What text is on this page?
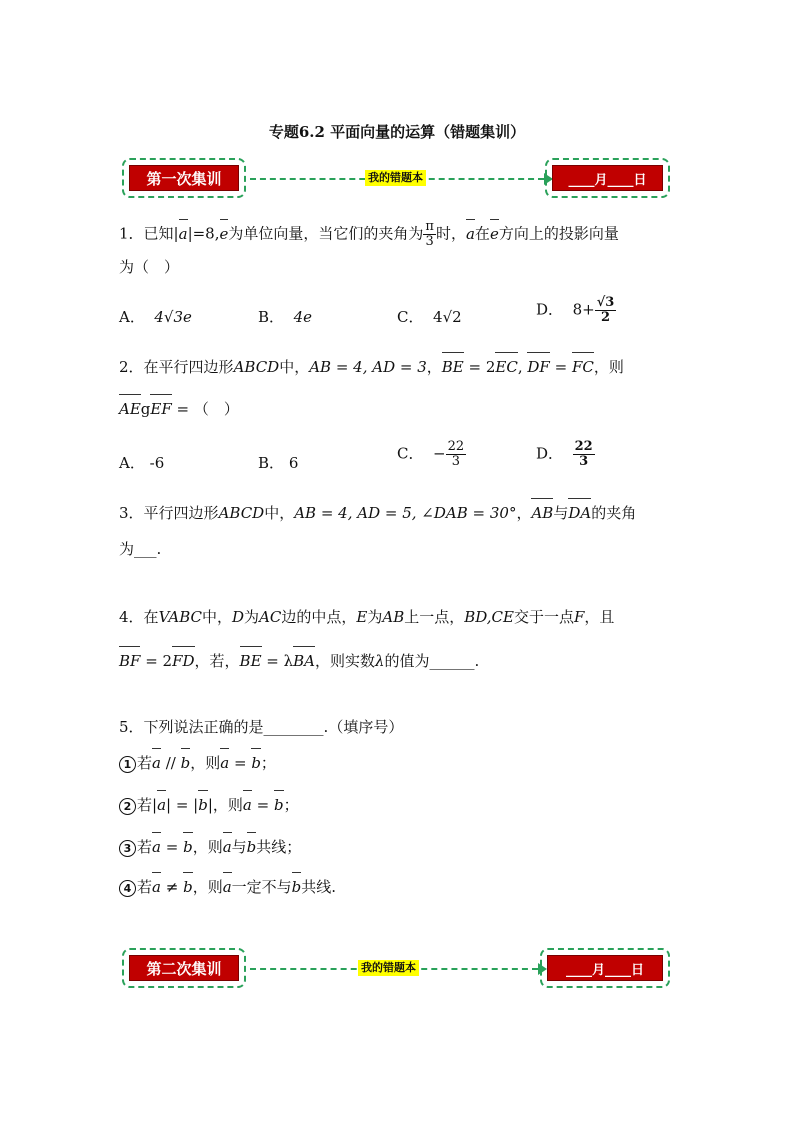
专题6.2 平面向量的运算（错题集训）
第一次集训	我的错题本	____月____日
1．已知|a|=8,e为单位向量，当它们的夹角为 $\frac{\pi}{3}$ 时，a在e方向上的投影向量
为（　）
A． 4√3e	B． 4e	C． 4√2	D． $8+ \frac{√3}{2}$
2．在平行四边形ABCD中，AB = 4, AD = 3，BE = 2EC, DF = FC，则
AEgEF = （　）
A． -6	B． 6
C． − $\frac{22}{3}$	D． $\frac{22}{3}$
3．平行四边形ABCD中，AB = 4, AD = 5, ∠DAB = 30°，AB与DA的夹角
为___.
4．在VABC中，D为AC边的中点，E为AB上一点，BD,CE交于一点F，且
BF = 2FD，若，BE = λBA，则实数λ的值为______.
5．下列说法正确的是________.（填序号）
1 若a // b，则a = b；
2 若|a| = |b|，则a = b；
3 若a = b，则a与b共线；
4 若a ≠ b，则a一定不与b共线.
第二次集训	我的错题本	____月____日
